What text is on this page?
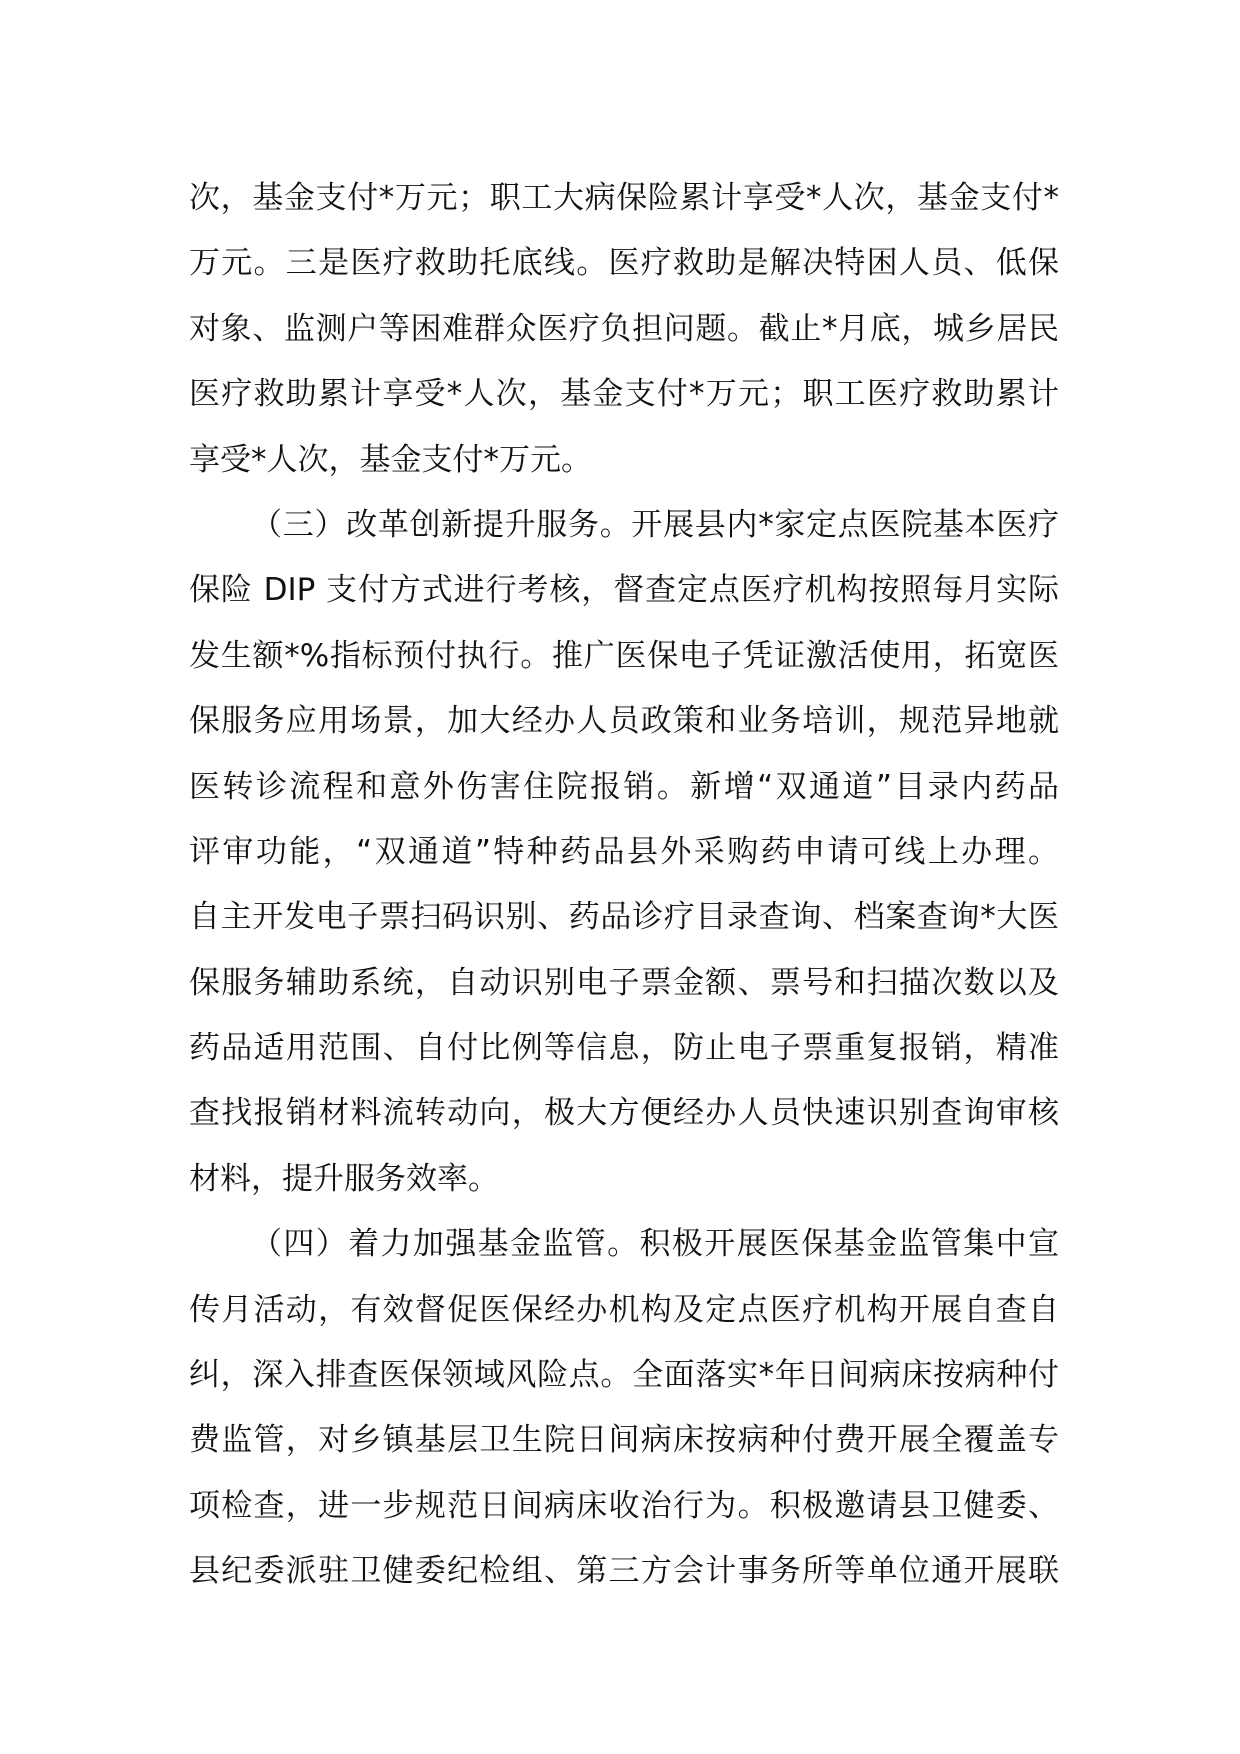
次，基金支付*万元；职工大病保险累计享受*人次，基金支付*
万元。三是医疗救助托底线。医疗救助是解决特困人员、低保
对象、监测户等困难群众医疗负担问题。截止*月底，城乡居民
医疗救助累计享受*人次，基金支付*万元；职工医疗救助累计
享受*人次，基金支付*万元。
（三）改革创新提升服务。开展县内*家定点医院基本医疗
保险 DIP 支付方式进行考核，督查定点医疗机构按照每月实际
发生额*%指标预付执行。推广医保电子凭证激活使用，拓宽医
保服务应用场景，加大经办人员政策和业务培训，规范异地就
医转诊流程和意外伤害住院报销。新增“双通道”目录内药品
评审功能，“双通道”特种药品县外采购药申请可线上办理。
自主开发电子票扫码识别、药品诊疗目录查询、档案查询*大医
保服务辅助系统，自动识别电子票金额、票号和扫描次数以及
药品适用范围、自付比例等信息，防止电子票重复报销，精准
查找报销材料流转动向，极大方便经办人员快速识别查询审核
材料，提升服务效率。
（四）着力加强基金监管。积极开展医保基金监管集中宣
传月活动，有效督促医保经办机构及定点医疗机构开展自查自
纠，深入排查医保领域风险点。全面落实*年日间病床按病种付
费监管，对乡镇基层卫生院日间病床按病种付费开展全覆盖专
项检查，进一步规范日间病床收治行为。积极邀请县卫健委、
县纪委派驻卫健委纪检组、第三方会计事务所等单位通开展联
